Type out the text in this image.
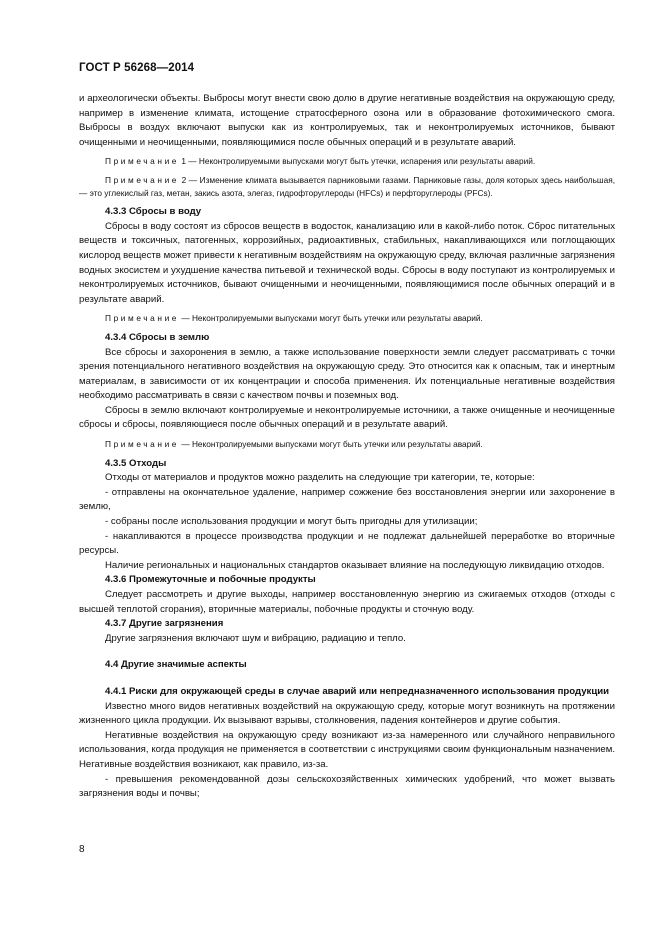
ГОСТ Р 56268—2014

и археологически объекты. Выбросы могут внести свою долю в другие негативные воздействия на окружающую среду, например в изменение климата, истощение стратосферного озона или в образование фотохимического смога. Выбросы в воздух включают выпуски как из контролируемых, так и неконтролируемых источников, бывают очищенными и неочищенными, появляющимися после обычных операций и в результате аварий.

Примечание 1 — Неконтролируемыми выпусками могут быть утечки, испарения или результаты аварий.

Примечание 2 — Изменение климата вызывается парниковыми газами. Парниковые газы, доля которых здесь наибольшая, — это углекислый газ, метан, закись азота, элегаз, гидрофторуглероды (HFCs) и перфторуглероды (PFCs).

4.3.3 Сбросы в воду

Сбросы в воду состоят из сбросов веществ в водосток, канализацию или в какой-либо поток. Сброс питательных веществ и токсичных, патогенных, коррозийных, радиоактивных, стабильных, накапливающихся или поглощающих кислород веществ может привести к негативным воздействиям на окружающую среду, включая различные загрязнения водных экосистем и ухудшение качества питьевой и технической воды. Сбросы в воду поступают из контролируемых и неконтролируемых источников, бывают очищенными и неочищенными, появляющимися после обычных операций и в результате аварий.

Примечание — Неконтролируемыми выпусками могут быть утечки или результаты аварий.

4.3.4 Сбросы в землю

Все сбросы и захоронения в землю, а также использование поверхности земли следует рассматривать с точки зрения потенциального негативного воздействия на окружающую среду. Это относится как к опасным, так и инертным материалам, в зависимости от их концентрации и способа применения. Их потенциальные негативные воздействия необходимо рассматривать в связи с качеством почвы и поземных вод.

Сбросы в землю включают контролируемые и неконтролируемые источники, а также очищенные и неочищенные сбросы и сбросы, появляющиеся после обычных операций и в результате аварий.

Примечание — Неконтролируемыми выпусками могут быть утечки или результаты аварий.

4.3.5 Отходы

Отходы от материалов и продуктов можно разделить на следующие три категории, те, которые:

- отправлены на окончательное удаление, например сожжение без восстановления энергии или захоронение в землю,

- собраны после использования продукции и могут быть пригодны для утилизации;

- накапливаются в процессе производства продукции и не подлежат дальнейшей переработке во вторичные ресурсы.

Наличие региональных и национальных стандартов оказывает влияние на последующую ликвидацию отходов.

4.3.6 Промежуточные и побочные продукты

Следует рассмотреть и другие выходы, например восстановленную энергию из сжигаемых отходов (отходы с высшей теплотой сгорания), вторичные материалы, побочные продукты и сточную воду.

4.3.7 Другие загрязнения

Другие загрязнения включают шум и вибрацию, радиацию и тепло.

4.4 Другие значимые аспекты

4.4.1 Риски для окружающей среды в случае аварий или непредназначенного использования продукции

Известно много видов негативных воздействий на окружающую среду, которые могут возникнуть на протяжении жизненного цикла продукции. Их вызывают взрывы, столкновения, падения контейнеров и другие события.

Негативные воздействия на окружающую среду возникают из-за намеренного или случайного неправильного использования, когда продукция не применяется в соответствии с инструкциями своим функциональным назначением. Негативные воздействия возникают, как правило, из-за.

- превышения рекомендованной дозы сельскохозяйственных химических удобрений, что может вызвать загрязнения воды и почвы;

8
